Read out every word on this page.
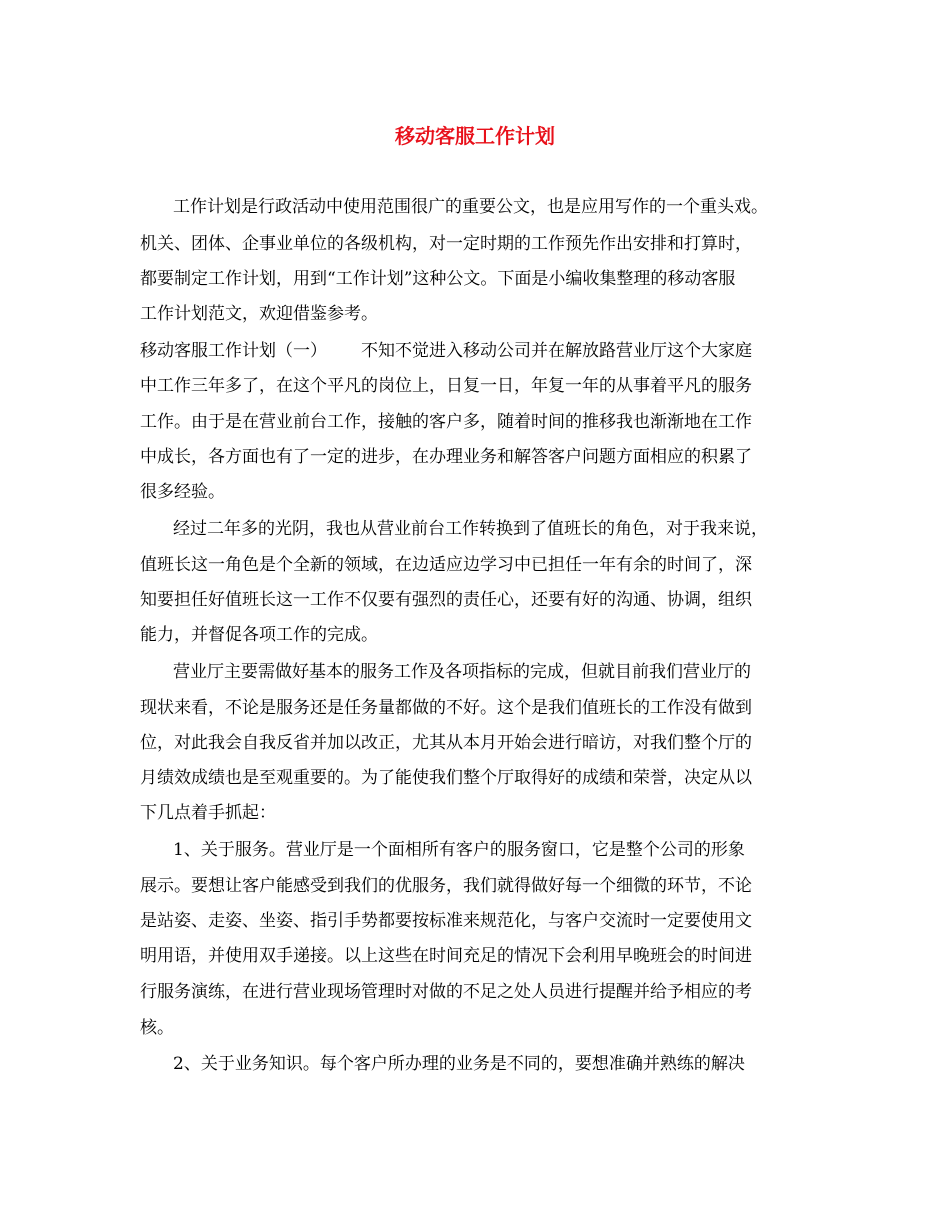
移动客服工作计划

工作计划是行政活动中使用范围很广的重要公文，也是应用写作的一个重头戏。

机关、团体、企事业单位的各级机构，对一定时期的工作预先作出安排和打算时，

都要制定工作计划，用到“工作计划”这种公文。下面是小编收集整理的移动客服

工作计划范文，欢迎借鉴参考。

移动客服工作计划（一） 不知不觉进入移动公司并在解放路营业厅这个大家庭

中工作三年多了，在这个平凡的岗位上，日复一日，年复一年的从事着平凡的服务

工作。由于是在营业前台工作，接触的客户多，随着时间的推移我也渐渐地在工作

中成长，各方面也有了一定的进步，在办理业务和解答客户问题方面相应的积累了

很多经验。

经过二年多的光阴，我也从营业前台工作转换到了值班长的角色，对于我来说，

值班长这一角色是个全新的领域，在边适应边学习中已担任一年有余的时间了，深

知要担任好值班长这一工作不仅要有强烈的责任心，还要有好的沟通、协调，组织

能力，并督促各项工作的完成。

营业厅主要需做好基本的服务工作及各项指标的完成，但就目前我们营业厅的

现状来看，不论是服务还是任务量都做的不好。这个是我们值班长的工作没有做到

位，对此我会自我反省并加以改正，尤其从本月开始会进行暗访，对我们整个厅的

月绩效成绩也是至观重要的。为了能使我们整个厅取得好的成绩和荣誉，决定从以

下几点着手抓起：

1、关于服务。营业厅是一个面相所有客户的服务窗口，它是整个公司的形象

展示。要想让客户能感受到我们的优服务，我们就得做好每一个细微的环节，不论

是站姿、走姿、坐姿、指引手势都要按标准来规范化，与客户交流时一定要使用文

明用语，并使用双手递接。以上这些在时间充足的情况下会利用早晚班会的时间进

行服务演练，在进行营业现场管理时对做的不足之处人员进行提醒并给予相应的考

核。

2、关于业务知识。每个客户所办理的业务是不同的，要想准确并熟练的解决
